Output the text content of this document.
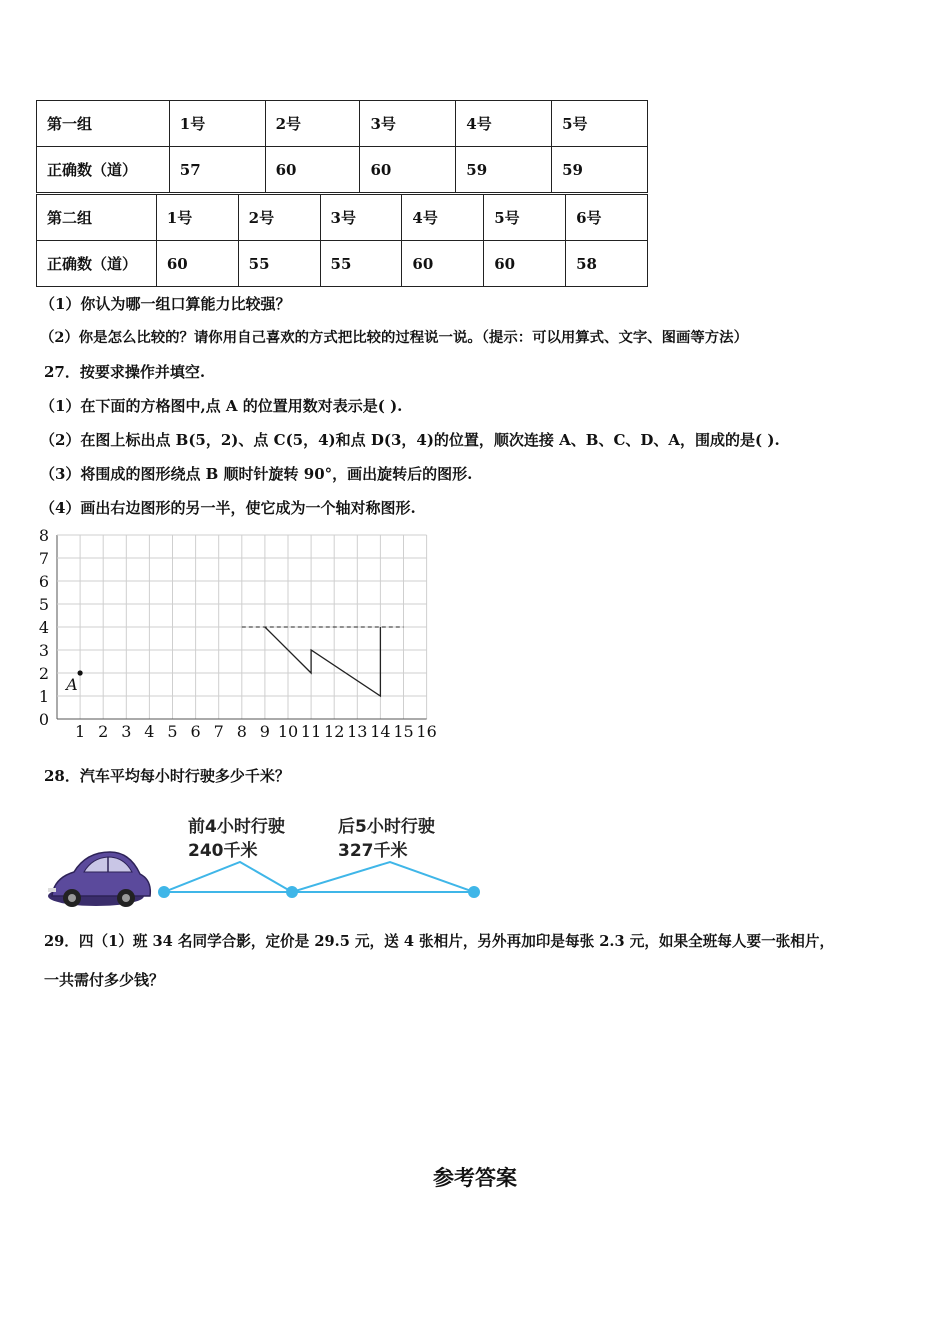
第一组	1号	2号	3号	4号	5号
正确数（道）	57	60	60	59	59
第二组	1号	2号	3号	4号	5号	6号
正确数（道）	60	55	55	60	60	58
（1）你认为哪一组口算能力比较强？
（2）你是怎么比较的？请你用自己喜欢的方式把比较的过程说一说。（提示：可以用算式、文字、图画等方法）
27．按要求操作并填空.
（1）在下面的方格图中,点 A 的位置用数对表示是( ).
（2）在图上标出点 B(5，2)、点 C(5，4)和点 D(3，4)的位置，顺次连接 A、B、C、D、A，围成的是( ).
（3）将围成的图形绕点 B 顺时针旋转 90°，画出旋转后的图形.
（4）画出右边图形的另一半，使它成为一个轴对称图形.
1 2 3 4 5 6 7 8 9 10 11 12 13 14 15 16
0
1
2
3
4
5
6
7
8
A
28．汽车平均每小时行驶多少千米？
前4小时行驶
240千米
后5小时行驶
327千米
29．四（1）班 34 名同学合影，定价是 29.5 元，送 4 张相片，另外再加印是每张 2.3 元，如果全班每人要一张相片，
一共需付多少钱？
参考答案
